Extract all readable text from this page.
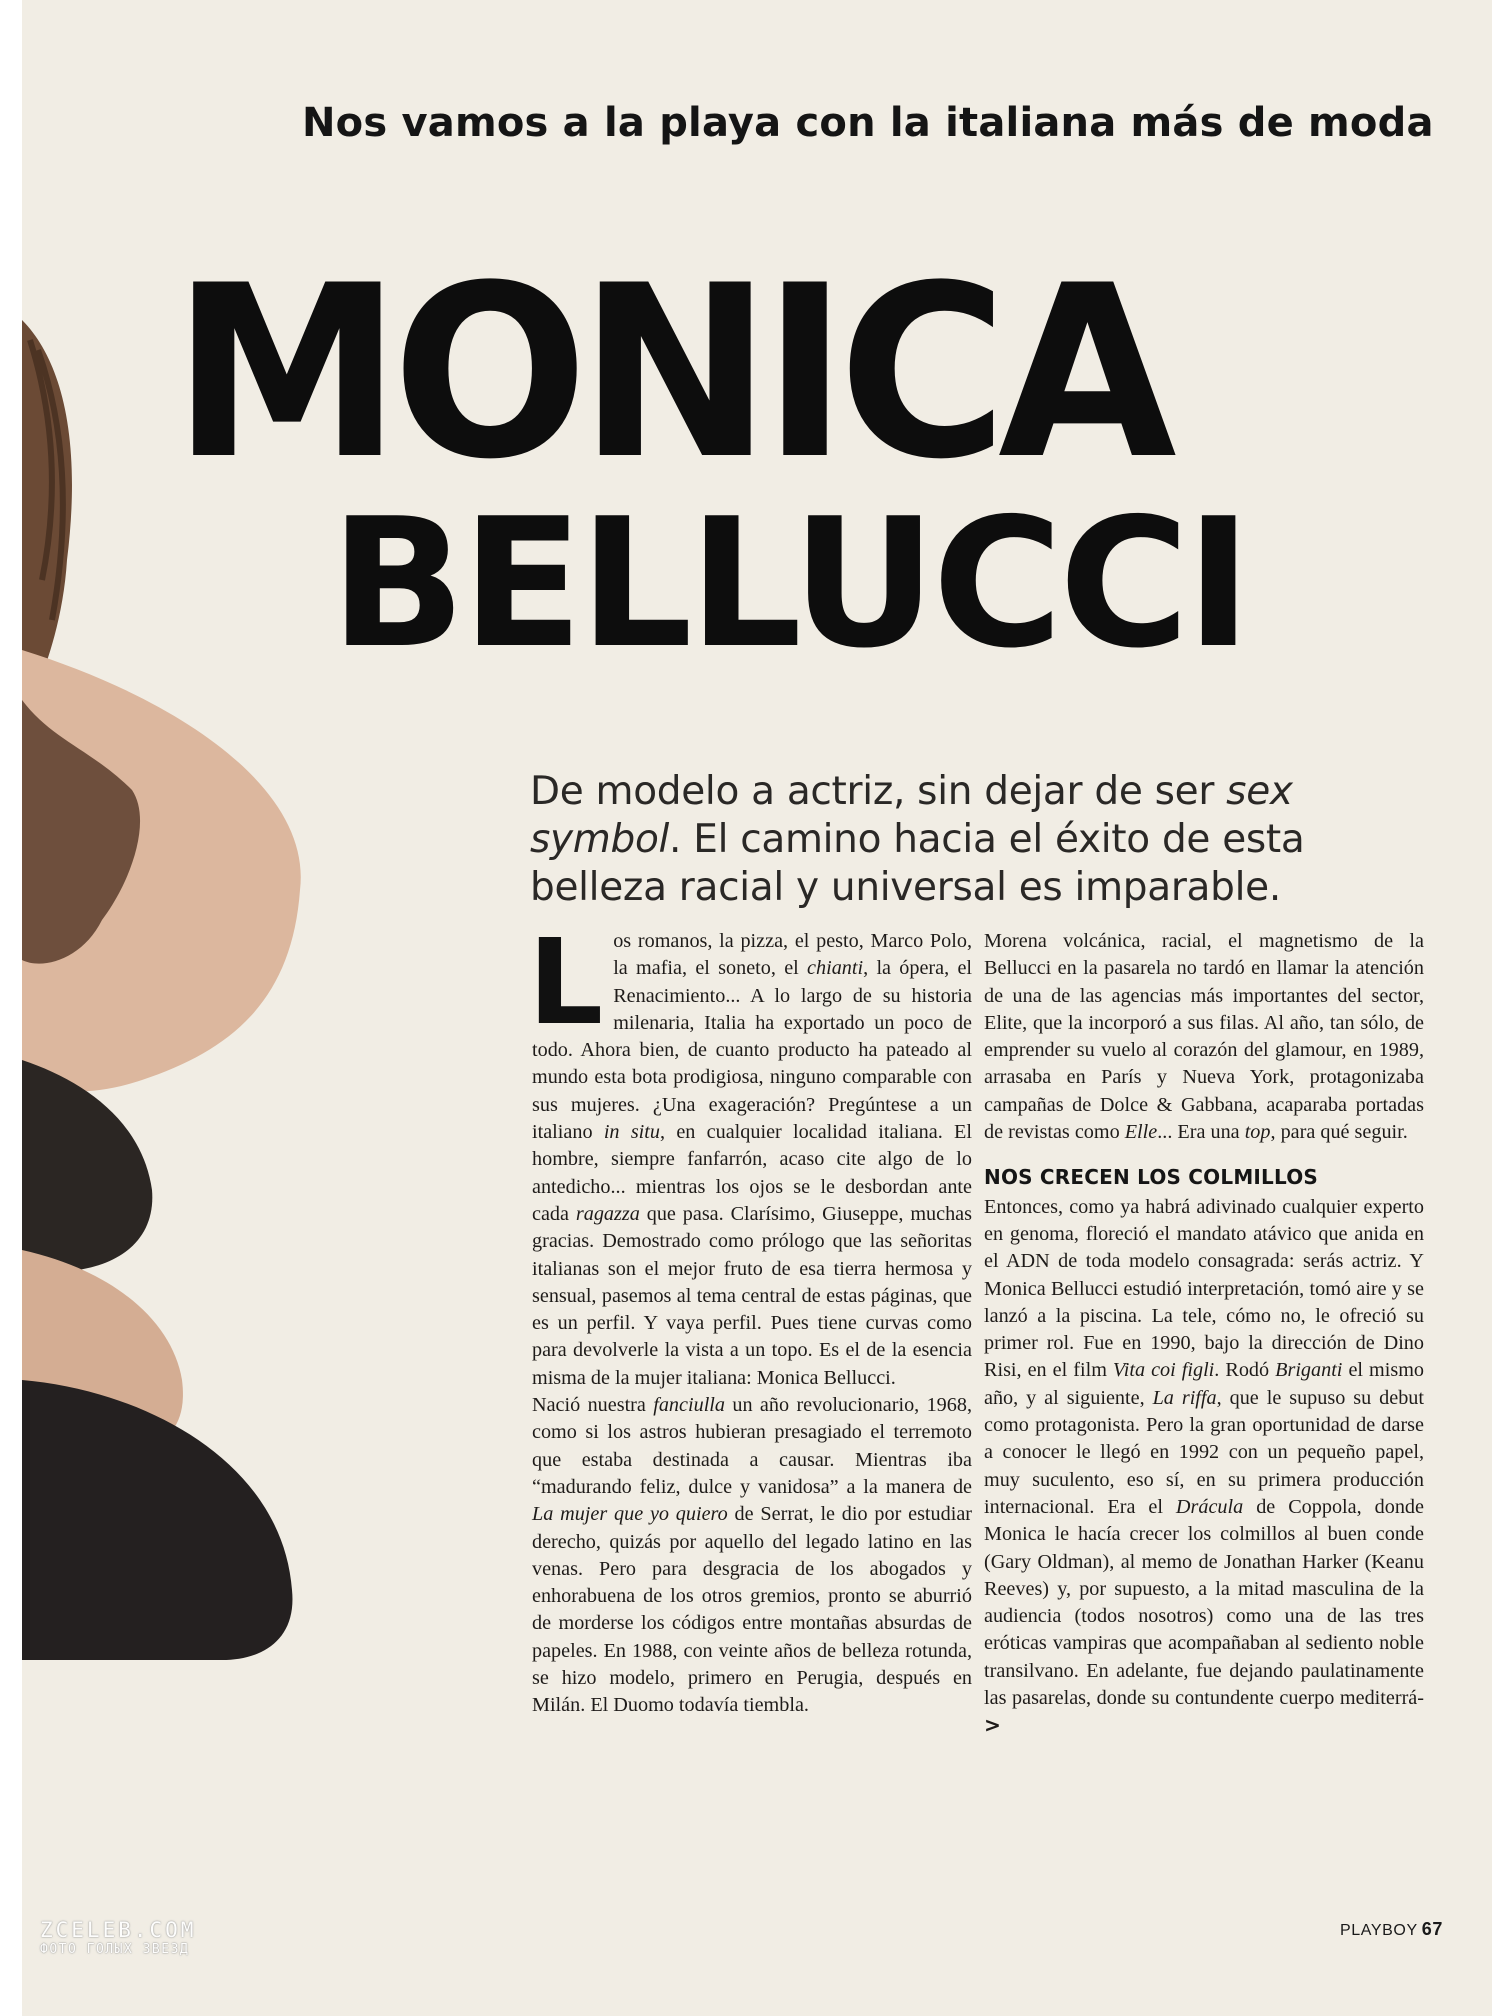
Nos vamos a la playa con la italiana más de moda
MONICA
BELLUCCI

De modelo a actriz, sin dejar de ser sex symbol. El camino hacia el éxito de esta belleza racial y universal es imparable.

L os romanos, la pizza, el pesto, Marco Polo, la mafia, el soneto, el chianti, la ópera, el Renacimiento... A lo largo de su historia milenaria, Italia ha exportado un poco de todo. Ahora bien, de cuanto producto ha pateado al mundo esta bota prodigiosa, ninguno comparable con sus mujeres. ¿Una exageración? Pregúntese a un italiano in situ, en cualquier localidad italiana. El hombre, siempre fanfarrón, acaso cite algo de lo antedicho... mientras los ojos se le desbordan ante cada ragazza que pasa. Clarísimo, Giuseppe, muchas gracias. Demostrado como prólogo que las señoritas italianas son el mejor fruto de esa tierra hermosa y sensual, pasemos al tema central de estas páginas, que es un perfil. Y vaya perfil. Pues tiene curvas como para devolverle la vista a un topo. Es el de la esencia misma de la mujer italiana: Monica Bellucci.

Nació nuestra fanciulla un año revolucionario, 1968, como si los astros hubieran presagiado el terremoto que estaba destinada a causar. Mientras iba “madurando feliz, dulce y vanidosa” a la manera de La mujer que yo quiero de Serrat, le dio por estudiar derecho, quizás por aquello del legado latino en las venas. Pero para desgracia de los abogados y enhorabuena de los otros gremios, pronto se aburrió de morderse los códigos entre montañas absurdas de papeles. En 1988, con veinte años de belleza rotunda, se hizo modelo, primero en Perugia, después en Milán. El Duomo todavía tiembla.

Morena volcánica, racial, el magnetismo de la Bellucci en la pasarela no tardó en llamar la atención de una de las agencias más importantes del sector, Elite, que la incorporó a sus filas. Al año, tan sólo, de emprender su vuelo al corazón del glamour, en 1989, arrasaba en París y Nueva York, protagonizaba campañas de Dolce & Gabbana, acaparaba portadas de revistas como Elle... Era una top, para qué seguir.

NOS CRECEN LOS COLMILLOS

Entonces, como ya habrá adivinado cualquier experto en genoma, floreció el mandato atávico que anida en el ADN de toda modelo consagrada: serás actriz. Y Monica Bellucci estudió interpretación, tomó aire y se lanzó a la piscina. La tele, cómo no, le ofreció su primer rol. Fue en 1990, bajo la dirección de Dino Risi, en el film Vita coi figli. Rodó Briganti el mismo año, y al siguiente, La riffa, que le supuso su debut como protagonista. Pero la gran oportunidad de darse a conocer le llegó en 1992 con un pequeño papel, muy suculento, eso sí, en su primera producción internacional. Era el Drácula de Coppola, donde Monica le hacía crecer los colmillos al buen conde (Gary Oldman), al memo de Jonathan Harker (Keanu Reeves) y, por supuesto, a la mitad masculina de la audiencia (todos nosotros) como una de las tres eróticas vampiras que acompañaban al sediento noble transilvano. En adelante, fue dejando paulatinamente las pasarelas, donde su contundente cuerpo mediterrá- >

PLAYBOY 67
ZCELEB.COM
ФОТО ГОЛЫХ ЗВЕЗД
